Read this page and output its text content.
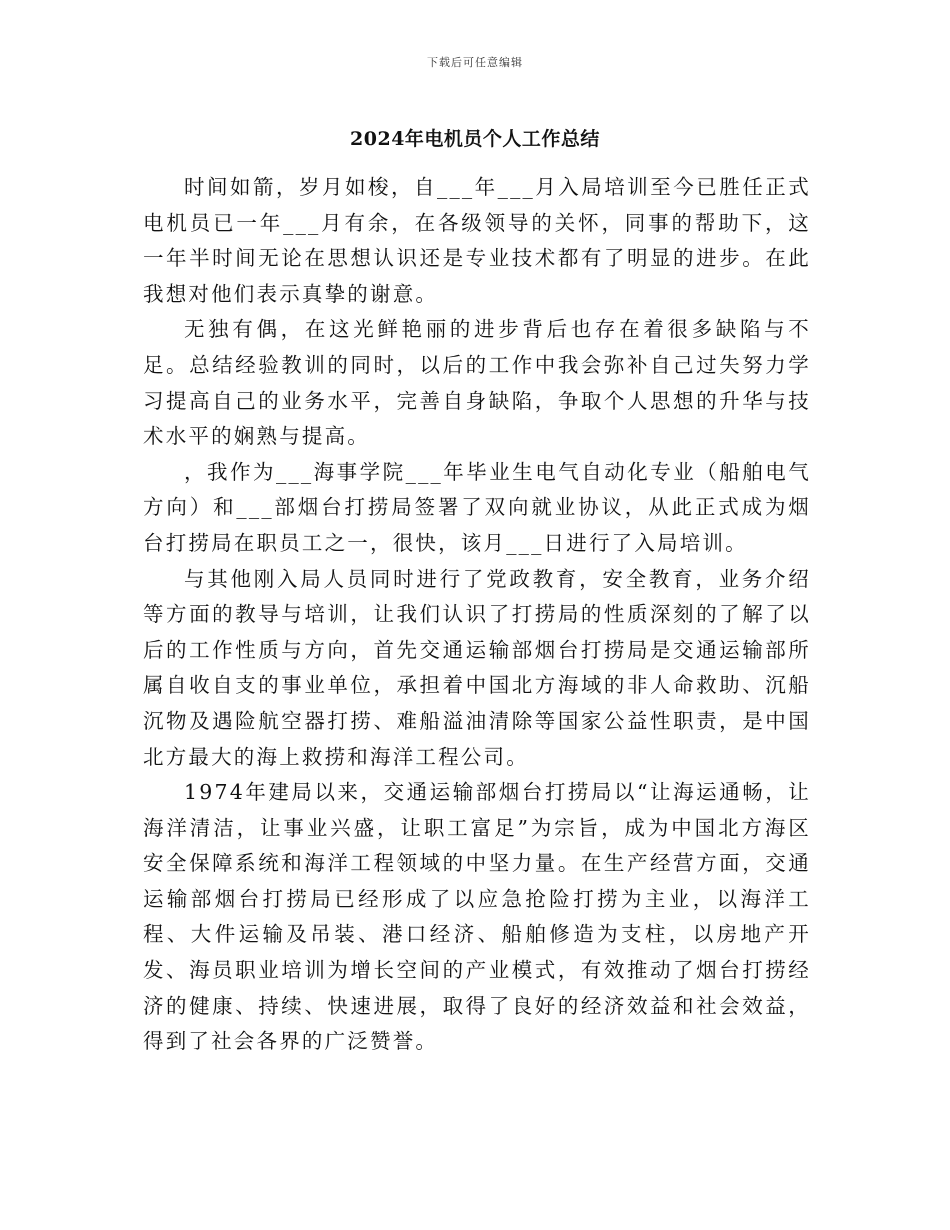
下载后可任意编辑
2024年电机员个人工作总结

时间如箭，岁月如梭，自___年___月入局培训至今已胜任正式电机员已一年___月有余，在各级领导的关怀，同事的帮助下，这一年半时间无论在思想认识还是专业技术都有了明显的进步。在此我想对他们表示真挚的谢意。

无独有偶，在这光鲜艳丽的进步背后也存在着很多缺陷与不足。总结经验教训的同时，以后的工作中我会弥补自己过失努力学习提高自己的业务水平，完善自身缺陷，争取个人思想的升华与技术水平的娴熟与提高。

，我作为___海事学院___年毕业生电气自动化专业（船舶电气方向）和___部烟台打捞局签署了双向就业协议，从此正式成为烟台打捞局在职员工之一，很快，该月___日进行了入局培训。

与其他刚入局人员同时进行了党政教育，安全教育，业务介绍等方面的教导与培训，让我们认识了打捞局的性质深刻的了解了以后的工作性质与方向，首先交通运输部烟台打捞局是交通运输部所属自收自支的事业单位，承担着中国北方海域的非人命救助、沉船沉物及遇险航空器打捞、难船溢油清除等国家公益性职责，是中国北方最大的海上救捞和海洋工程公司。

1974年建局以来，交通运输部烟台打捞局以“让海运通畅，让海洋清洁，让事业兴盛，让职工富足”为宗旨，成为中国北方海区安全保障系统和海洋工程领域的中坚力量。在生产经营方面，交通运输部烟台打捞局已经形成了以应急抢险打捞为主业，以海洋工程、大件运输及吊装、港口经济、船舶修造为支柱，以房地产开发、海员职业培训为增长空间的产业模式，有效推动了烟台打捞经济的健康、持续、快速进展，取得了良好的经济效益和社会效益，得到了社会各界的广泛赞誉。
